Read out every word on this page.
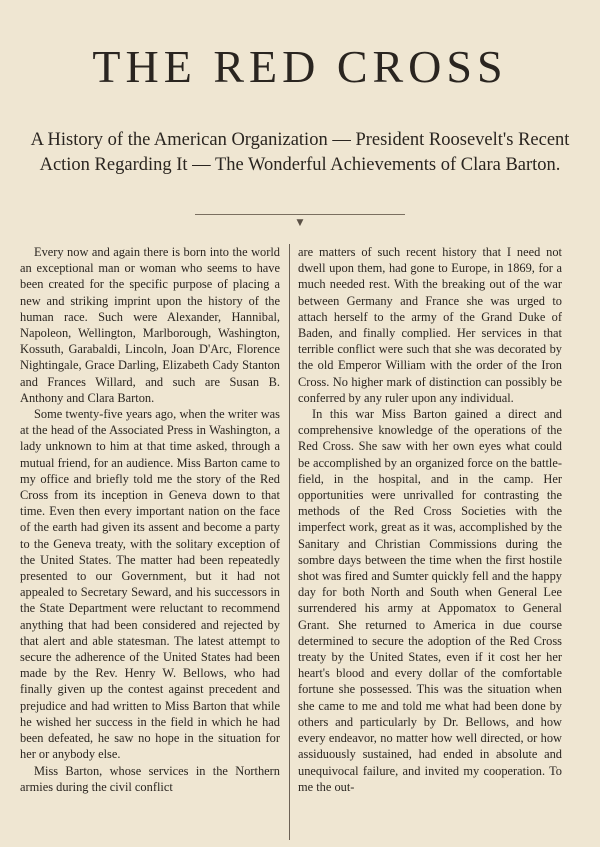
THE RED CROSS

A History of the American Organization — President Roosevelt's Recent Action Regarding It — The Wonderful Achievements of Clara Barton.

▼

Every now and again there is born into the world an exceptional man or woman who seems to have been created for the specific purpose of placing a new and striking imprint upon the history of the human race. Such were Alexander, Hannibal, Napoleon, Wellington, Marlborough, Washington, Kossuth, Garabaldi, Lincoln, Joan D'Arc, Florence Nightingale, Grace Darling, Elizabeth Cady Stanton and Frances Willard, and such are Susan B. Anthony and Clara Barton.

Some twenty-five years ago, when the writer was at the head of the Associated Press in Washington, a lady unknown to him at that time asked, through a mutual friend, for an audience. Miss Barton came to my office and briefly told me the story of the Red Cross from its inception in Geneva down to that time. Even then every important nation on the face of the earth had given its assent and become a party to the Geneva treaty, with the solitary exception of the United States. The matter had been repeatedly presented to our Government, but it had not appealed to Secretary Seward, and his successors in the State Department were reluctant to recommend anything that had been considered and rejected by that alert and able statesman. The latest attempt to secure the adherence of the United States had been made by the Rev. Henry W. Bellows, who had finally given up the contest against precedent and prejudice and had written to Miss Barton that while he wished her success in the field in which he had been defeated, he saw no hope in the situation for her or anybody else.

Miss Barton, whose services in the Northern armies during the civil conflict

are matters of such recent history that I need not dwell upon them, had gone to Europe, in 1869, for a much needed rest. With the breaking out of the war between Germany and France she was urged to attach herself to the army of the Grand Duke of Baden, and finally complied. Her services in that terrible conflict were such that she was decorated by the old Emperor William with the order of the Iron Cross. No higher mark of distinction can possibly be conferred by any ruler upon any individual.

In this war Miss Barton gained a direct and comprehensive knowledge of the operations of the Red Cross. She saw with her own eyes what could be accomplished by an organized force on the battle-field, in the hospital, and in the camp. Her opportunities were unrivalled for contrasting the methods of the Red Cross Societies with the imperfect work, great as it was, accomplished by the Sanitary and Christian Commissions during the sombre days between the time when the first hostile shot was fired and Sumter quickly fell and the happy day for both North and South when General Lee surrendered his army at Appomatox to General Grant. She returned to America in due course determined to secure the adoption of the Red Cross treaty by the United States, even if it cost her her heart's blood and every dollar of the comfortable fortune she possessed. This was the situation when she came to me and told me what had been done by others and particularly by Dr. Bellows, and how every endeavor, no matter how well directed, or how assiduously sustained, had ended in absolute and unequivocal failure, and invited my cooperation. To me the out-
